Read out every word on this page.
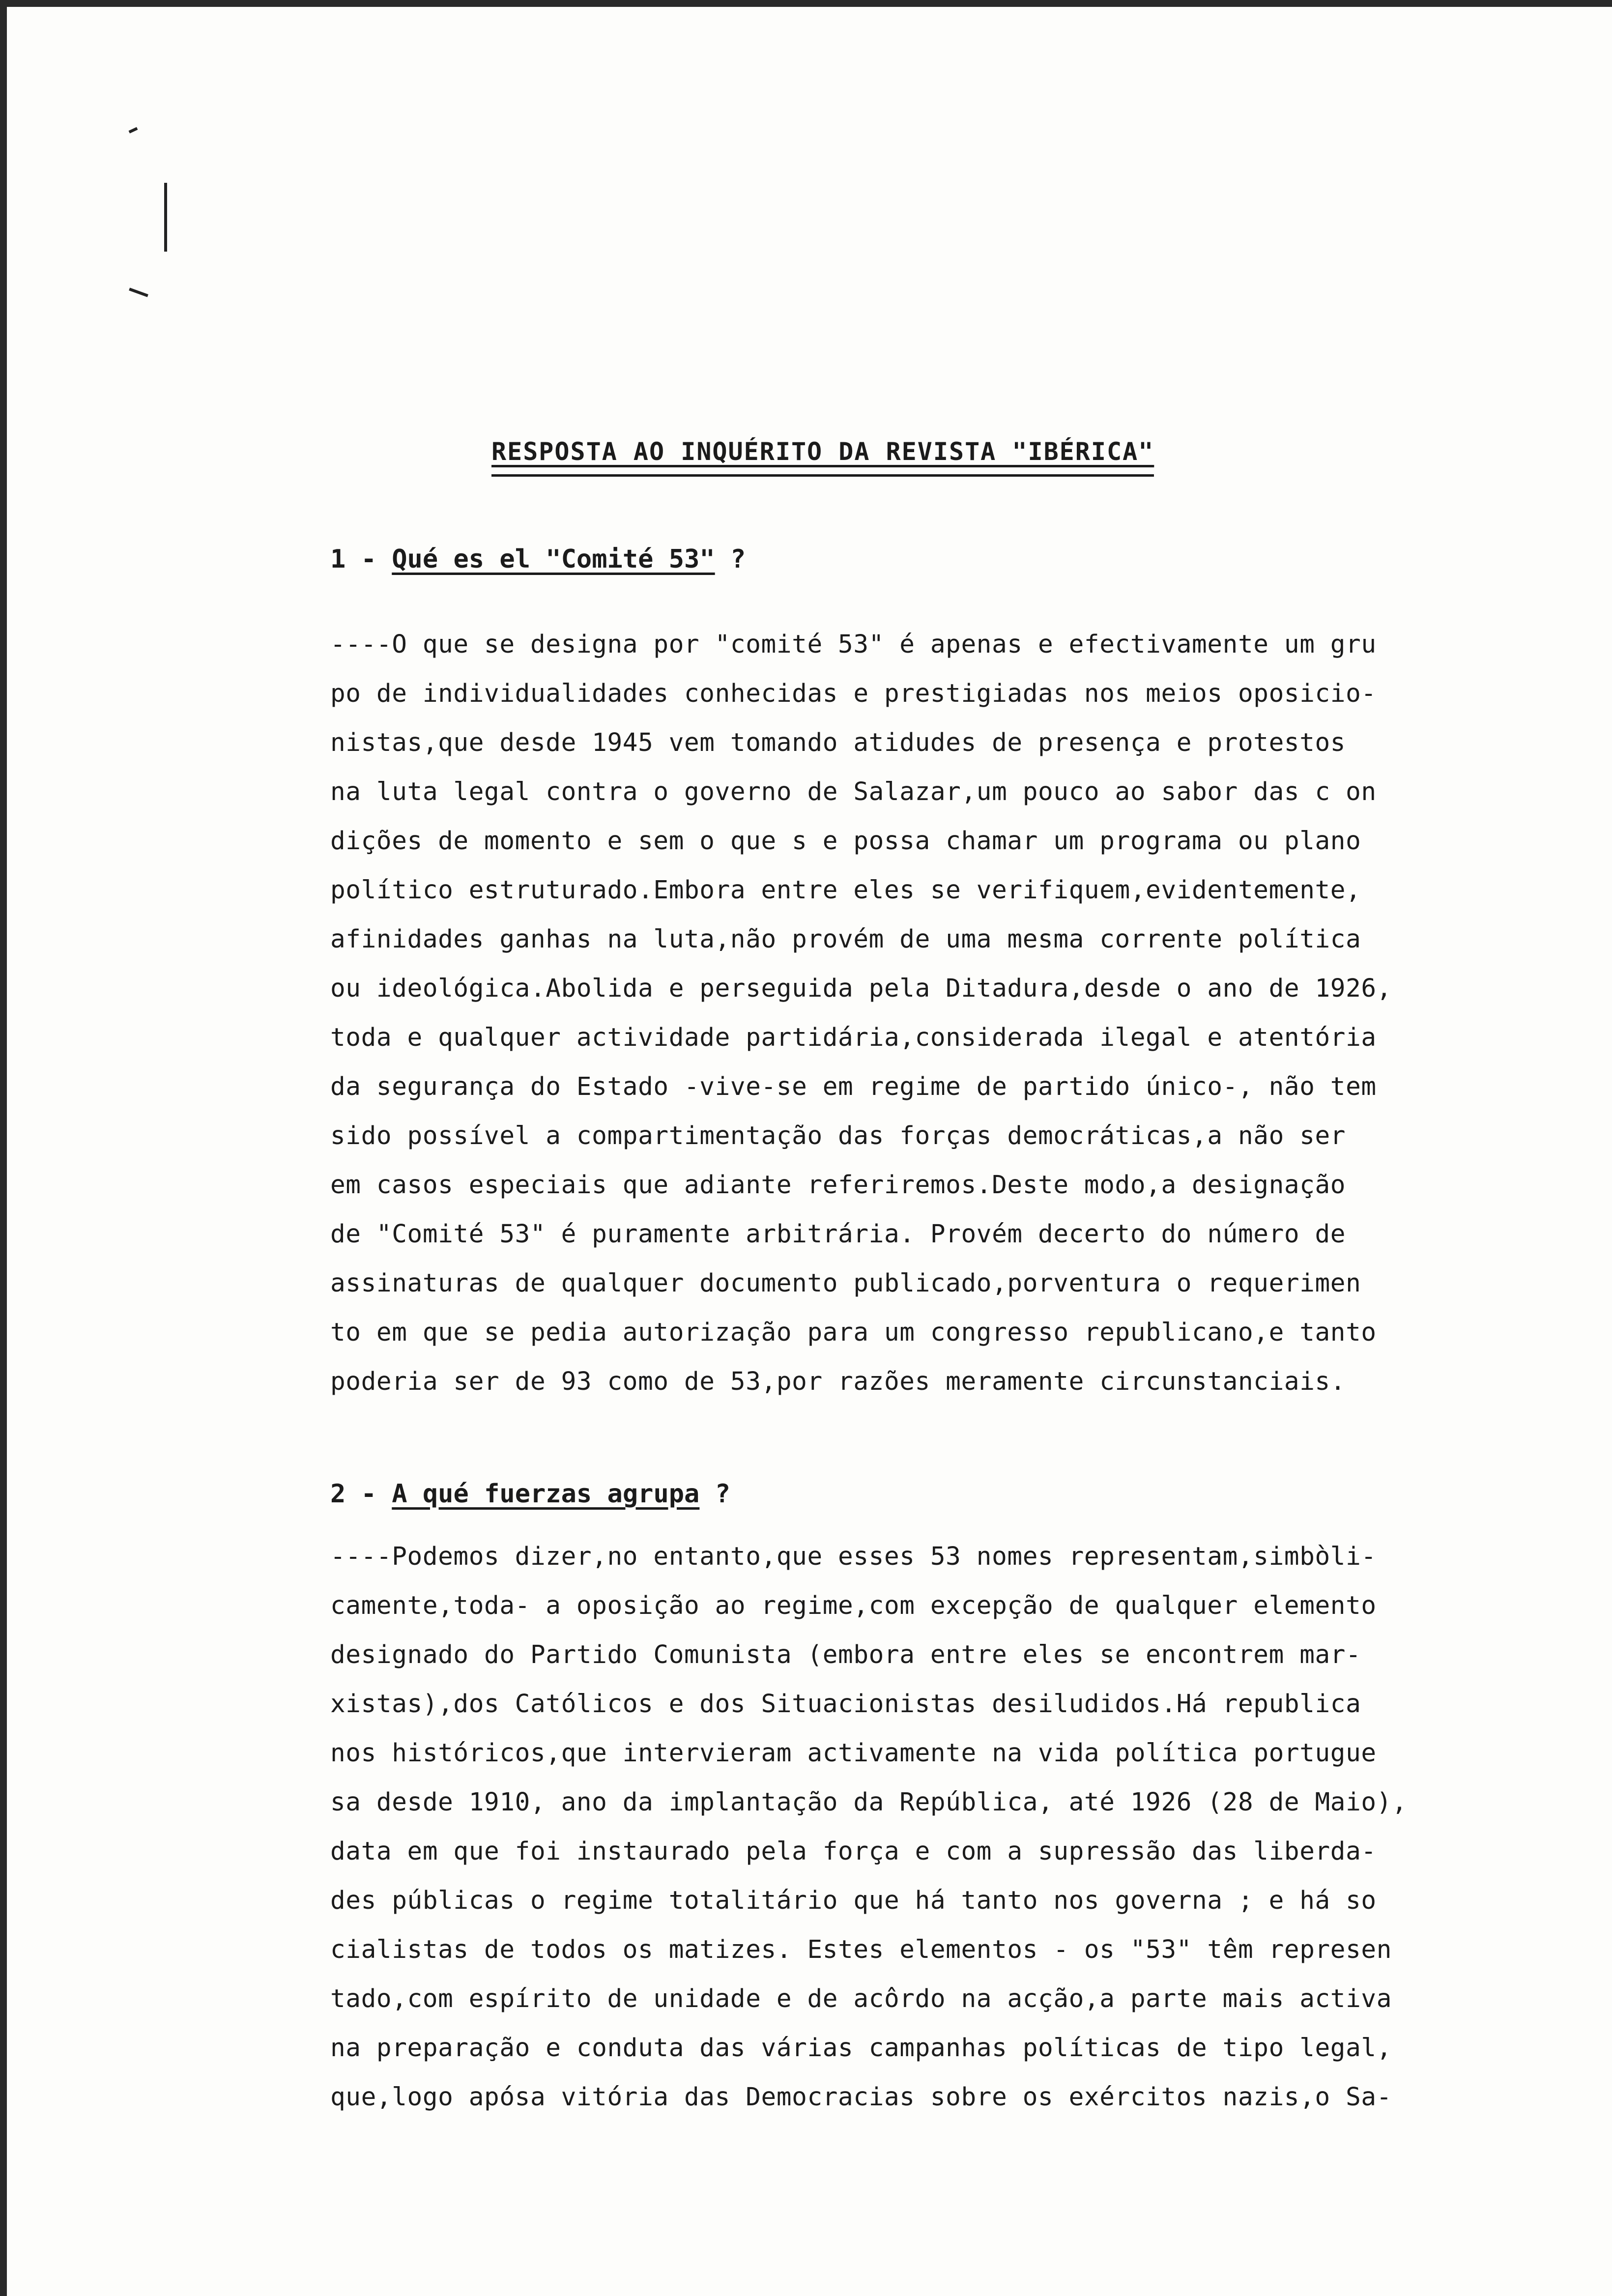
RESPOSTA AO INQUÉRITO DA REVISTA "IBÉRICA"
1 - Qué es el "Comité 53" ?
----O que se designa por "comité 53" é apenas e efectivamente um gru
po de individualidades conhecidas e prestigiadas nos meios oposicio-
nistas,que desde 1945 vem tomando atidudes de presença e protestos
na luta legal contra o governo de Salazar,um pouco ao sabor das c on
dições de momento e sem o que s e possa chamar um programa ou plano
político estruturado.Embora entre eles se verifiquem,evidentemente,
afinidades ganhas na luta,não provém de uma mesma corrente política
ou ideológica.Abolida e perseguida pela Ditadura,desde o ano de 1926,
toda e qualquer actividade partidária,considerada ilegal e atentória
da segurança do Estado -vive-se em regime de partido único-, não tem
sido possível a compartimentação das forças democráticas,a não ser
em casos especiais que adiante referiremos.Deste modo,a designação
de "Comité 53" é puramente arbitrária. Provém decerto do número de
assinaturas de qualquer documento publicado,porventura o requerimen
to em que se pedia autorização para um congresso republicano,e tanto
poderia ser de 93 como de 53,por razões meramente circunstanciais.
2 - A qué fuerzas agrupa ?
----Podemos dizer,no entanto,que esses 53 nomes representam,simbòli-
camente,toda- a oposição ao regime,com excepção de qualquer elemento
designado do Partido Comunista (embora entre eles se encontrem mar-
xistas),dos Católicos e dos Situacionistas desiludidos.Há republica
nos históricos,que intervieram activamente na vida política portugue
sa desde 1910, ano da implantação da República, até 1926 (28 de Maio),
data em que foi instaurado pela força e com a supressão das liberda-
des públicas o regime totalitário que há tanto nos governa ; e há so
cialistas de todos os matizes. Estes elementos - os "53" têm represen
tado,com espírito de unidade e de acôrdo na acção,a parte mais activa
na preparação e conduta das várias campanhas políticas de tipo legal,
que,logo apósa vitória das Democracias sobre os exércitos nazis,o Sa-
